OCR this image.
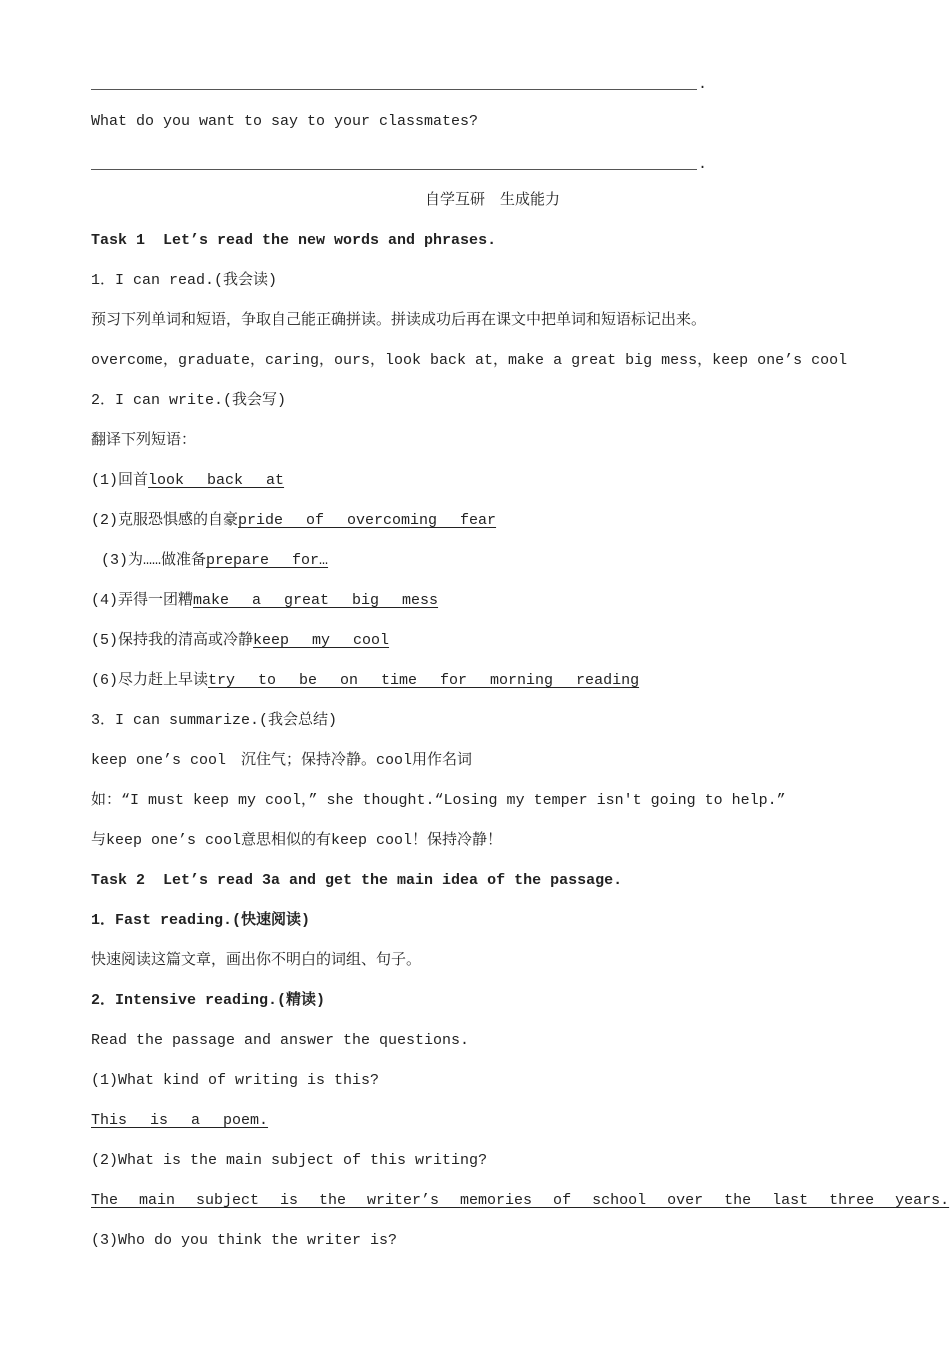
.
What do you want to say to your classmates?
.
自学互研　生成能力
Task 1  Let’s read the new words and phrases.
1．I can read.(我会读)
预习下列单词和短语，争取自己能正确拼读。拼读成功后再在课文中把单词和短语标记出来。
overcome，graduate，caring，ours，look back at，make a great big mess，keep one’s cool
2．I can write.(我会写)
翻译下列短语：
(1)回首look back at
(2)克服恐惧感的自豪pride of overcoming fear
(3)为……做准备prepare for…
(4)弄得一团糟make a great big mess
(5)保持我的清高或冷静keep my cool
(6)尽力赶上早读try to be on time for morning reading
3．I can summarize.(我会总结)
keep one’s cool　沉住气；保持冷静。cool用作名词
如：“I must keep my cool，” she thought.“Losing my temper isn't going to help.”
与keep one’s cool意思相似的有keep cool！保持冷静！
Task 2  Let’s read 3a and get the main idea of the passage.
1．Fast reading.(快速阅读)
快速阅读这篇文章，画出你不明白的词组、句子。
2．Intensive reading.(精读)
Read the passage and answer the questions.
(1)What kind of writing is this?
This is a poem.
(2)What is the main subject of this writing?
The main subject is the writer’s memories of school over the last three years.
(3)Who do you think the writer is?
